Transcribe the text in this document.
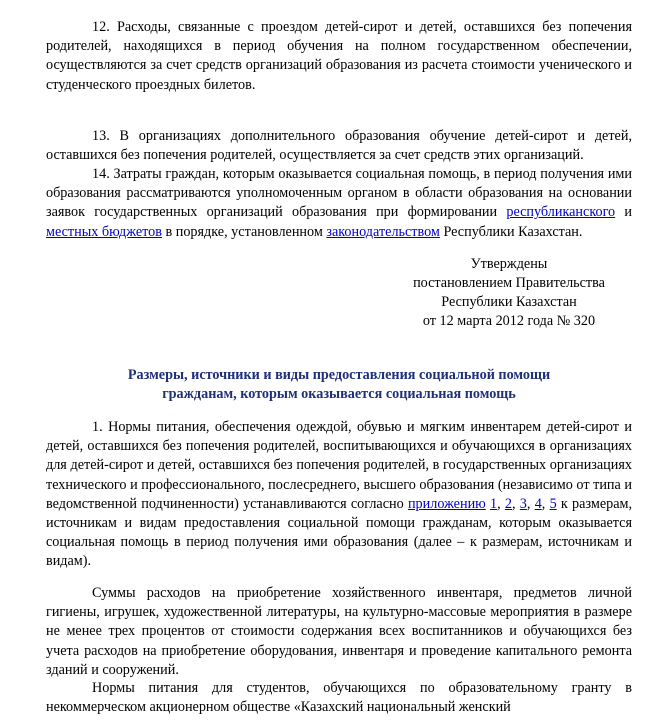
12. Расходы, связанные с проездом детей-сирот и детей, оставшихся без попечения родителей, находящихся в период обучения на полном государственном обеспечении, осуществляются за счет средств организаций образования из расчета стоимости ученического и студенческого проездных билетов.

13. В организациях дополнительного образования обучение детей-сирот и детей, оставшихся без попечения родителей, осуществляется за счет средств этих организаций.

14. Затраты граждан, которым оказывается социальная помощь, в период получения ими образования рассматриваются уполномоченным органом в области образования на основании заявок государственных организаций образования при формировании республиканского и местных бюджетов в порядке, установленном законодательством Республики Казахстан.

Утверждены
постановлением Правительства
Республики Казахстан
от 12 марта 2012 года № 320
Размеры, источники и виды предоставления социальной помощи
гражданам, которым оказывается социальная помощь

1. Нормы питания, обеспечения одеждой, обувью и мягким инвентарем детей-сирот и детей, оставшихся без попечения родителей, воспитывающихся и обучающихся в организациях для детей-сирот и детей, оставшихся без попечения родителей, в государственных организациях технического и профессионального, послесреднего, высшего образования (независимо от типа и ведомственной подчиненности) устанавливаются согласно приложению 1, 2, 3, 4, 5 к размерам, источникам и видам предоставления социальной помощи гражданам, которым оказывается социальная помощь в период получения ими образования (далее – к размерам, источникам и видам).

Суммы расходов на приобретение хозяйственного инвентаря, предметов личной гигиены, игрушек, художественной литературы, на культурно-массовые мероприятия в размере не менее трех процентов от стоимости содержания всех воспитанников и обучающихся без учета расходов на приобретение оборудования, инвентаря и проведение капитального ремонта зданий и сооружений.

Нормы питания для студентов, обучающихся по образовательному гранту в некоммерческом акционерном обществе «Казахский национальный женский
